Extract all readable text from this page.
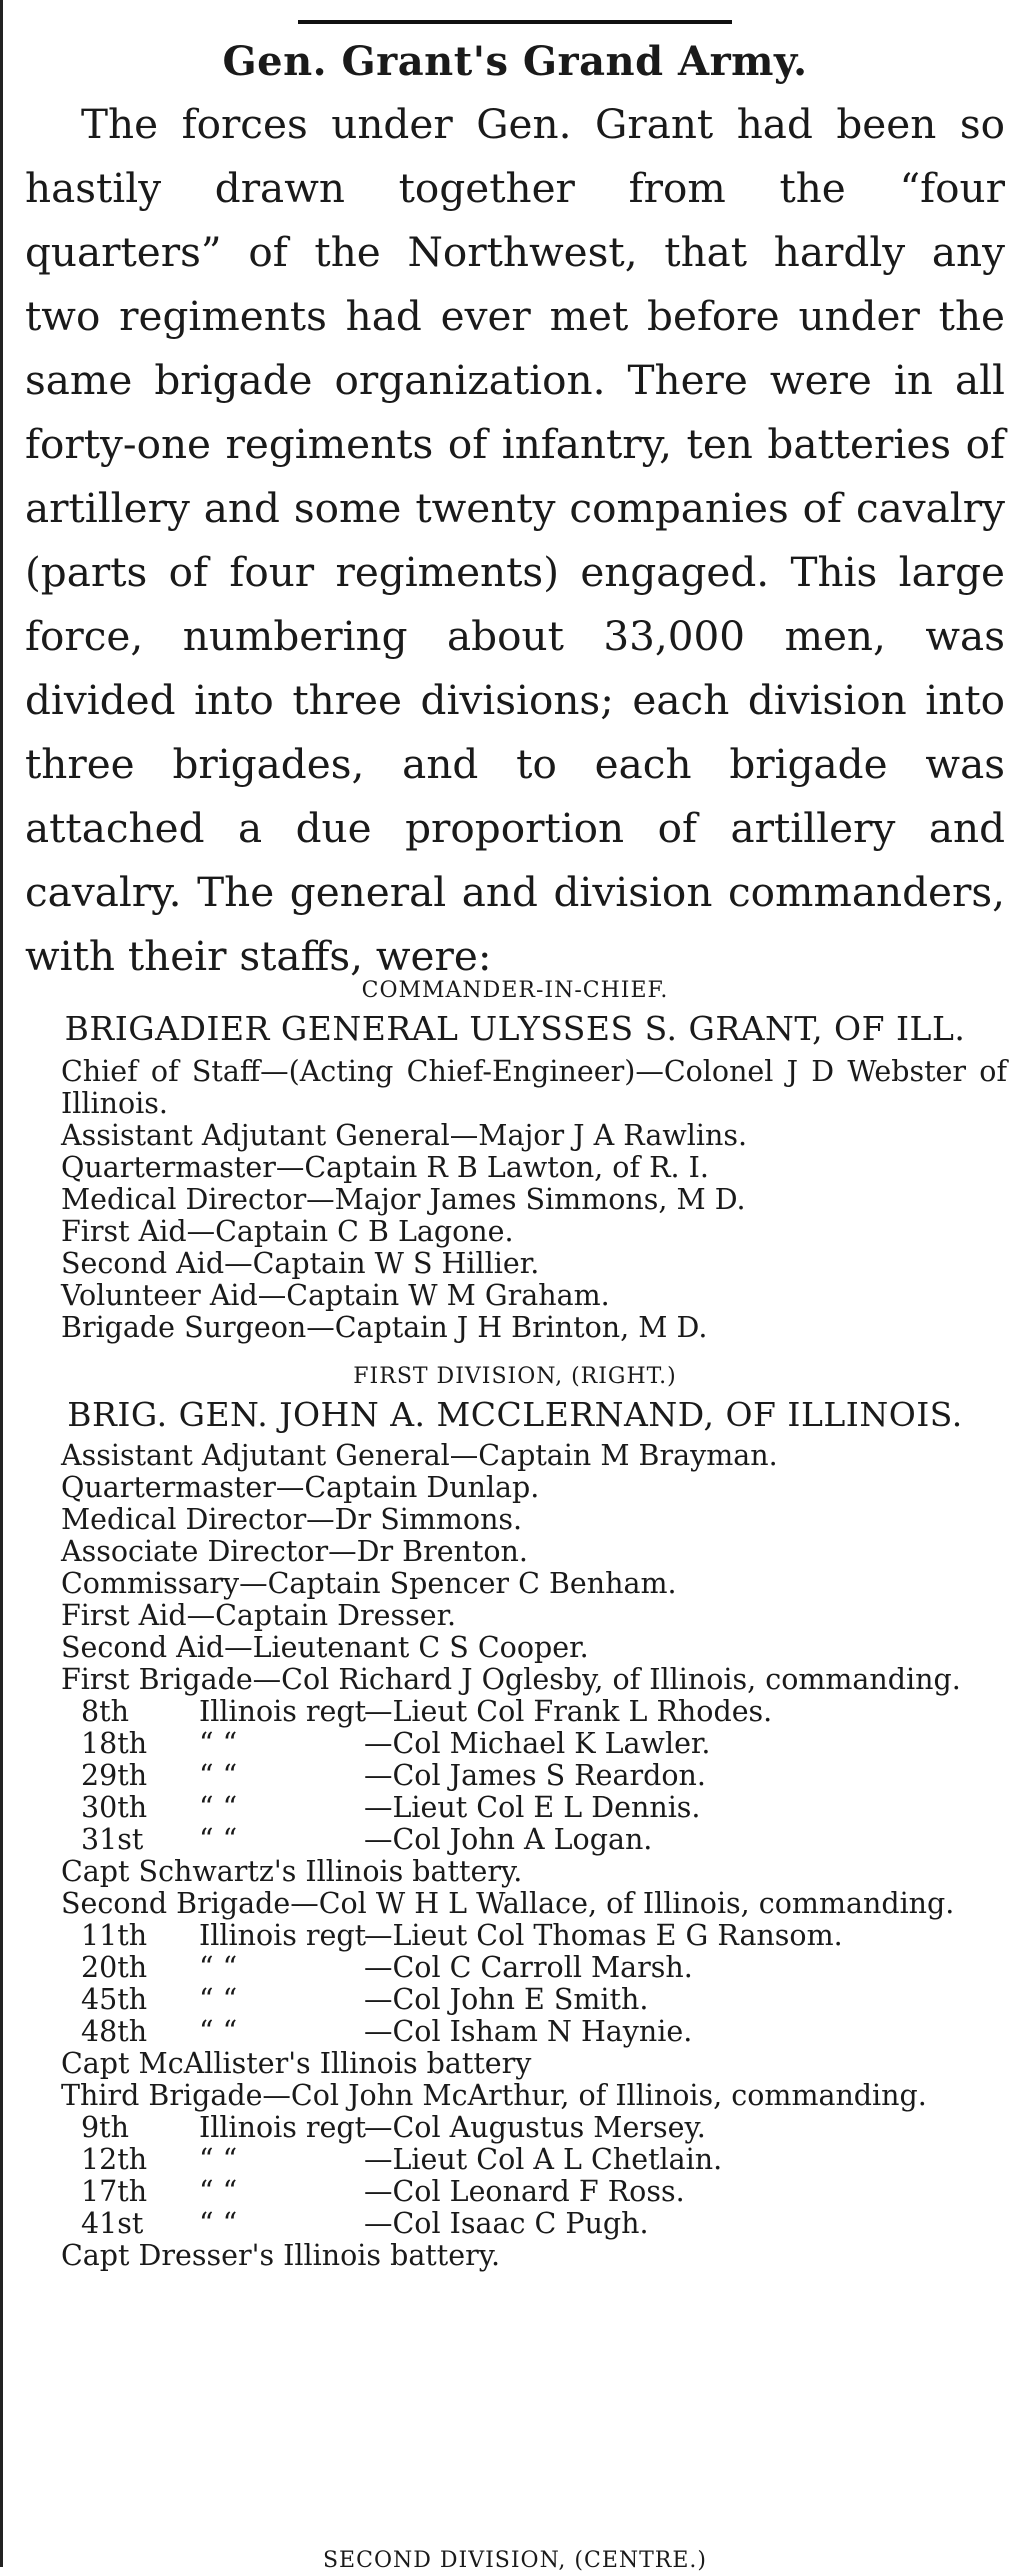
Gen. Grant's Grand Army.

The forces under Gen. Grant had been so hastily drawn together from the “four quarters” of the Northwest, that hardly any two regiments had ever met before under the same brigade organization. There were in all forty-one regiments of infantry, ten batteries of artillery and some twenty companies of cavalry (parts of four regiments) engaged. This large force, numbering about 33,000 men, was divided into three divisions; each division into three brigades, and to each brigade was attached a due proportion of artillery and cavalry. The general and division commanders, with their staffs, were:

COMMANDER-IN-CHIEF.
BRIGADIER GENERAL ULYSSES S. GRANT, OF ILL.
Chief of Staff—(Acting Chief-Engineer)—Colonel J D Webster of Illinois.
Assistant Adjutant General—Major J A Rawlins.
Quartermaster—Captain R B Lawton, of R. I.
Medical Director—Major James Simmons, M D.
First Aid—Captain C B Lagone.
Second Aid—Captain W S Hillier.
Volunteer Aid—Captain W M Graham.
Brigade Surgeon—Captain J H Brinton, M D.
FIRST DIVISION, (RIGHT.)
BRIG. GEN. JOHN A. MCCLERNAND, OF ILLINOIS.
Assistant Adjutant General—Captain M Brayman.
Quartermaster—Captain Dunlap.
Medical Director—Dr Simmons.
Associate Director—Dr Brenton.
Commissary—Captain Spencer C Benham.
First Aid—Captain Dresser.
Second Aid—Lieutenant C S Cooper.
First Brigade—Col Richard J Oglesby, of Illinois, commanding.
8th Illinois regt—Lieut Col Frank L Rhodes.
18th “ “	—Col Michael K Lawler.
29th “ “	—Col James S Reardon.
30th “ “	—Lieut Col E L Dennis.
31st “ “	—Col John A Logan.
Capt Schwartz's Illinois battery.
Second Brigade—Col W H L Wallace, of Illinois, commanding.
11th Illinois regt—Lieut Col Thomas E G Ransom.
20th “ “	—Col C Carroll Marsh.
45th “ “	—Col John E Smith.
48th “ “	—Col Isham N Haynie.
Capt McAllister's Illinois battery
Third Brigade—Col John McArthur, of Illinois, commanding.
9th Illinois regt—Col Augustus Mersey.
12th “ “	—Lieut Col A L Chetlain.
17th “ “	—Col Leonard F Ross.
41st “ “	—Col Isaac C Pugh.
Capt Dresser's Illinois battery.
SECOND DIVISION, (CENTRE.)
